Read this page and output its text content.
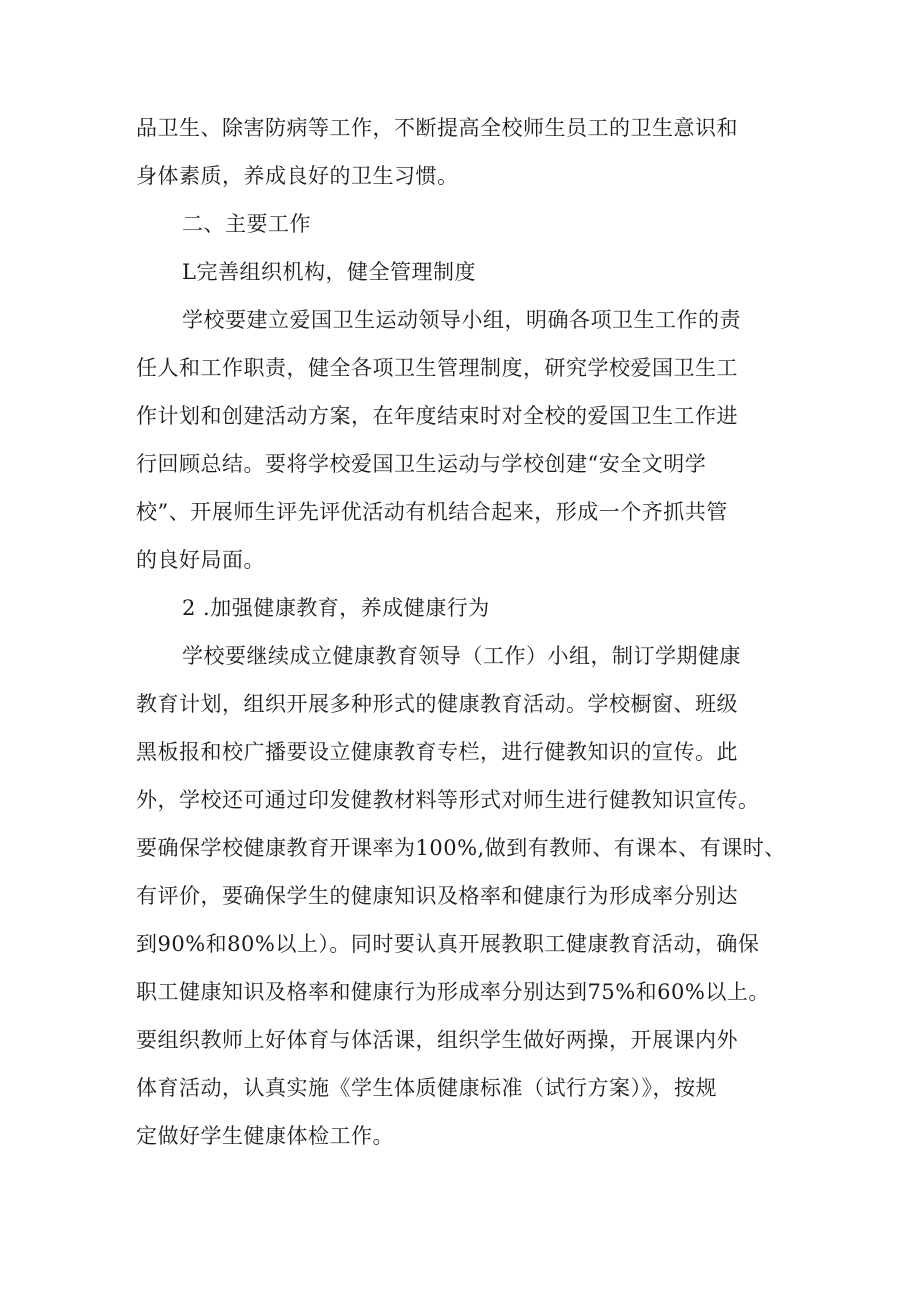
品卫生、除害防病等工作，不断提高全校师生员工的卫生意识和
身体素质，养成良好的卫生习惯。
二、主要工作
L完善组织机构，健全管理制度
学校要建立爱国卫生运动领导小组，明确各项卫生工作的责
任人和工作职责，健全各项卫生管理制度，研究学校爱国卫生工
作计划和创建活动方案，在年度结束时对全校的爱国卫生工作进
行回顾总结。要将学校爱国卫生运动与学校创建“安全文明学
校”、开展师生评先评优活动有机结合起来，形成一个齐抓共管
的良好局面。
2 .加强健康教育，养成健康行为
学校要继续成立健康教育领导（工作）小组，制订学期健康
教育计划，组织开展多种形式的健康教育活动。学校橱窗、班级
黑板报和校广播要设立健康教育专栏，进行健教知识的宣传。此
外，学校还可通过印发健教材料等形式对师生进行健教知识宣传。
要确保学校健康教育开课率为100%,做到有教师、有课本、有课时、
有评价，要确保学生的健康知识及格率和健康行为形成率分别达
到90%和80%以上）。同时要认真开展教职工健康教育活动，确保
职工健康知识及格率和健康行为形成率分别达到75%和60%以上。
要组织教师上好体育与体活课，组织学生做好两操，开展课内外
体育活动，认真实施《学生体质健康标准（试行方案）》，按规
定做好学生健康体检工作。
